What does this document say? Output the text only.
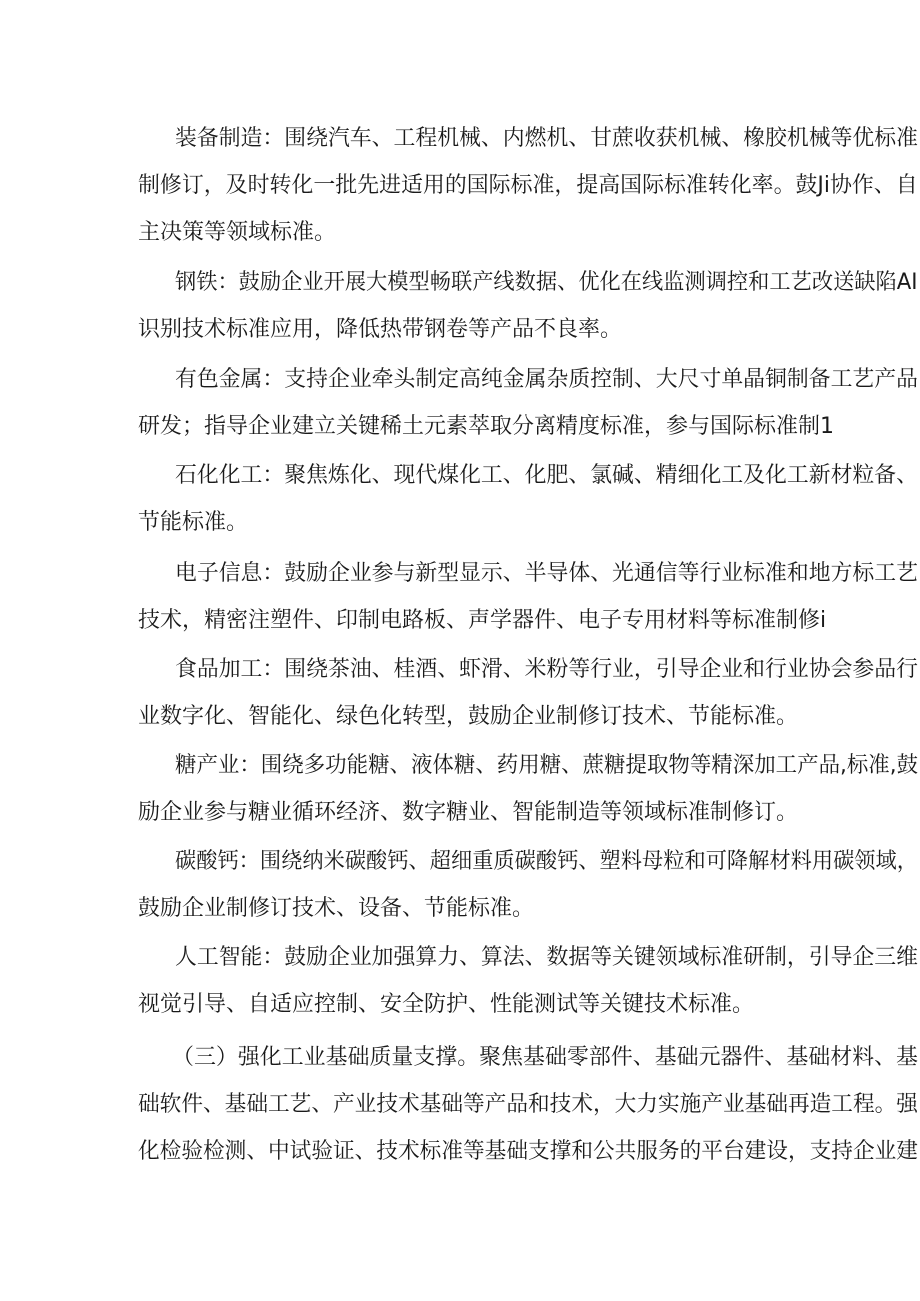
装备制造：围绕汽车、工程机械、内燃机、甘蔗收获机械、橡胶机械等优标准

制修订，及时转化一批先进适用的国际标准，提高国际标准转化率。鼓Ji协作、自

主决策等领域标准。

钢铁：鼓励企业开展大模型畅联产线数据、优化在线监测调控和工艺改送缺陷AI

识别技术标准应用，降低热带钢卷等产品不良率。

有色金属：支持企业牵头制定高纯金属杂质控制、大尺寸单晶铜制备工艺产品

研发；指导企业建立关键稀土元素萃取分离精度标准，参与国际标准制1

石化化工：聚焦炼化、现代煤化工、化肥、氯碱、精细化工及化工新材粒备、

节能标准。

电子信息：鼓励企业参与新型显示、半导体、光通信等行业标准和地方标工艺

技术，精密注塑件、印制电路板、声学器件、电子专用材料等标准制修i

食品加工：围绕茶油、桂酒、虾滑、米粉等行业，引导企业和行业协会参品行

业数字化、智能化、绿色化转型，鼓励企业制修订技术、节能标准。

糖产业：围绕多功能糖、液体糖、药用糖、蔗糖提取物等精深加工产品,标准,鼓

励企业参与糖业循环经济、数字糖业、智能制造等领域标准制修订。

碳酸钙：围绕纳米碳酸钙、超细重质碳酸钙、塑料母粒和可降解材料用碳领域，

鼓励企业制修订技术、设备、节能标准。

人工智能：鼓励企业加强算力、算法、数据等关键领域标准研制，引导企三维

视觉引导、自适应控制、安全防护、性能测试等关键技术标准。

（三）强化工业基础质量支撑。聚焦基础零部件、基础元器件、基础材料、基

础软件、基础工艺、产业技术基础等产品和技术，大力实施产业基础再造工程。强

化检验检测、中试验证、技术标准等基础支撑和公共服务的平台建设，支持企业建
